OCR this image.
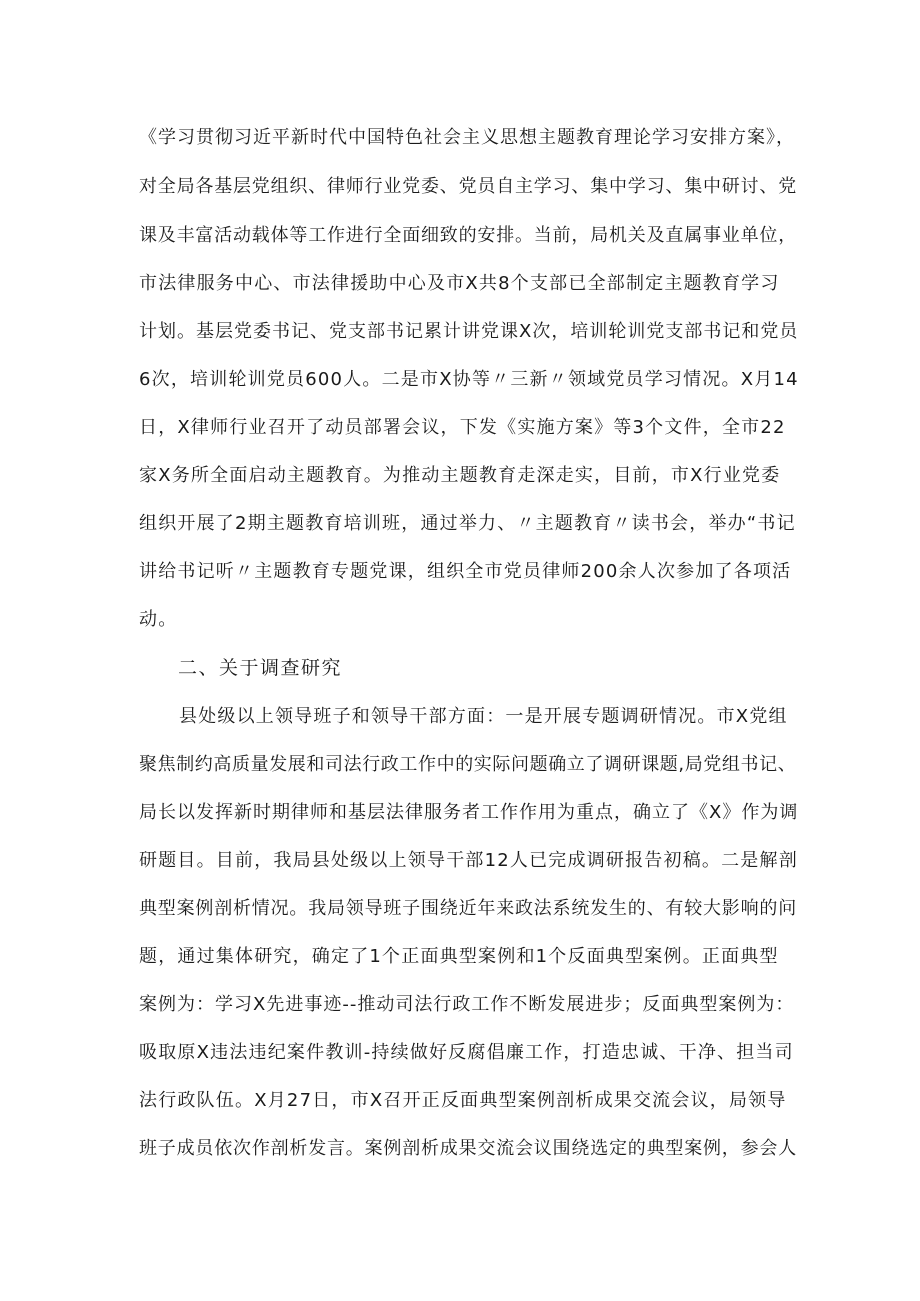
《学习贯彻习近平新时代中国特色社会主义思想主题教育理论学习安排方案》，
对全局各基层党组织、律师行业党委、党员自主学习、集中学习、集中研讨、党
课及丰富活动载体等工作进行全面细致的安排。当前，局机关及直属事业单位，
市法律服务中心、市法律援助中心及市X共8个支部已全部制定主题教育学习
计划。基层党委书记、党支部书记累计讲党课X次，培训轮训党支部书记和党员
6次，培训轮训党员600人。二是市X协等〃三新〃领域党员学习情况。X月14
日，X律师行业召开了动员部署会议，下发《实施方案》等3个文件，全市22
家X务所全面启动主题教育。为推动主题教育走深走实，目前，市X行业党委
组织开展了2期主题教育培训班，通过举力、〃主题教育〃读书会，举办“书记
讲给书记听〃主题教育专题党课，组织全市党员律师200余人次参加了各项活
动。
二、关于调查研究
县处级以上领导班子和领导干部方面：一是开展专题调研情况。市X党组
聚焦制约高质量发展和司法行政工作中的实际问题确立了调研课题,局党组书记、
局长以发挥新时期律师和基层法律服务者工作作用为重点，确立了《X》作为调
研题目。目前，我局县处级以上领导干部12人已完成调研报告初稿。二是解剖
典型案例剖析情况。我局领导班子围绕近年来政法系统发生的、有较大影响的问
题，通过集体研究，确定了1个正面典型案例和1个反面典型案例。正面典型
案例为：学习X先进事迹--推动司法行政工作不断发展进步；反面典型案例为：
吸取原X违法违纪案件教训-持续做好反腐倡廉工作，打造忠诚、干净、担当司
法行政队伍。X月27日，市X召开正反面典型案例剖析成果交流会议，局领导
班子成员依次作剖析发言。案例剖析成果交流会议围绕选定的典型案例，参会人
